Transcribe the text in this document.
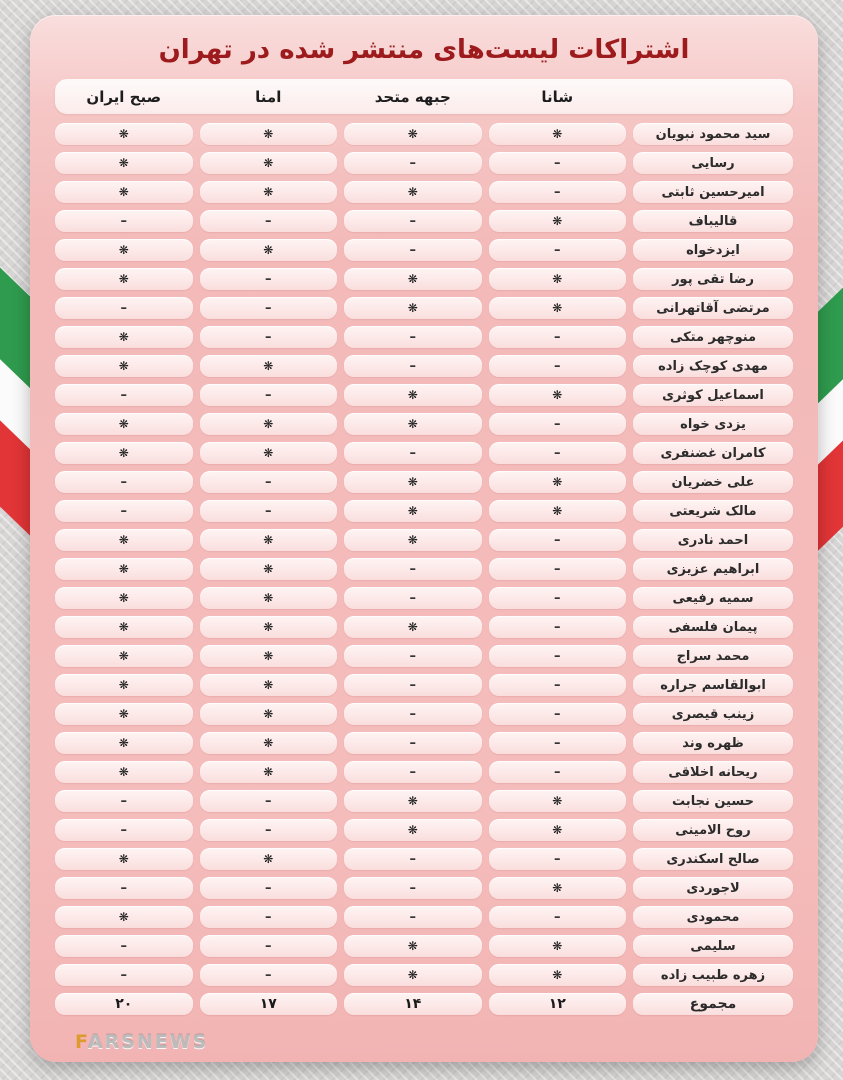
اشتراکات لیست‌های منتشر شده در تهران
شانا
جبهه متحد
امنا
صبح ایران
سید محمود نبویان
❋
❋
❋
❋
رسایی
–
–
❋
❋
امیرحسین ثابتی
–
❋
❋
❋
قالیباف
❋
–
–
–
ایزدخواه
–
–
❋
❋
رضا تقی پور
❋
❋
–
❋
مرتضی آقاتهرانی
❋
❋
–
–
منوچهر متکی
–
–
–
❋
مهدی کوچک زاده
–
–
❋
❋
اسماعیل کوثری
❋
❋
–
–
یزدی خواه
–
❋
❋
❋
کامران غضنفری
–
–
❋
❋
علی خضریان
❋
❋
–
–
مالک شریعتی
❋
❋
–
–
احمد نادری
–
❋
❋
❋
ابراهیم عزیزی
–
–
❋
❋
سمیه رفیعی
–
–
❋
❋
پیمان فلسفی
–
❋
❋
❋
محمد سراج
–
–
❋
❋
ابوالقاسم جراره
–
–
❋
❋
زینب قیصری
–
–
❋
❋
ظهره وند
–
–
❋
❋
ریحانه اخلاقی
–
–
❋
❋
حسین نجابت
❋
❋
–
–
روح الامینی
❋
❋
–
–
صالح اسکندری
–
–
❋
❋
لاجوردی
❋
–
–
–
محمودی
–
–
–
❋
سلیمی
❋
❋
–
–
زهره طبیب زاده
❋
❋
–
–
مجموع
۱۲
۱۴
۱۷
۲۰
FARSNEWS
